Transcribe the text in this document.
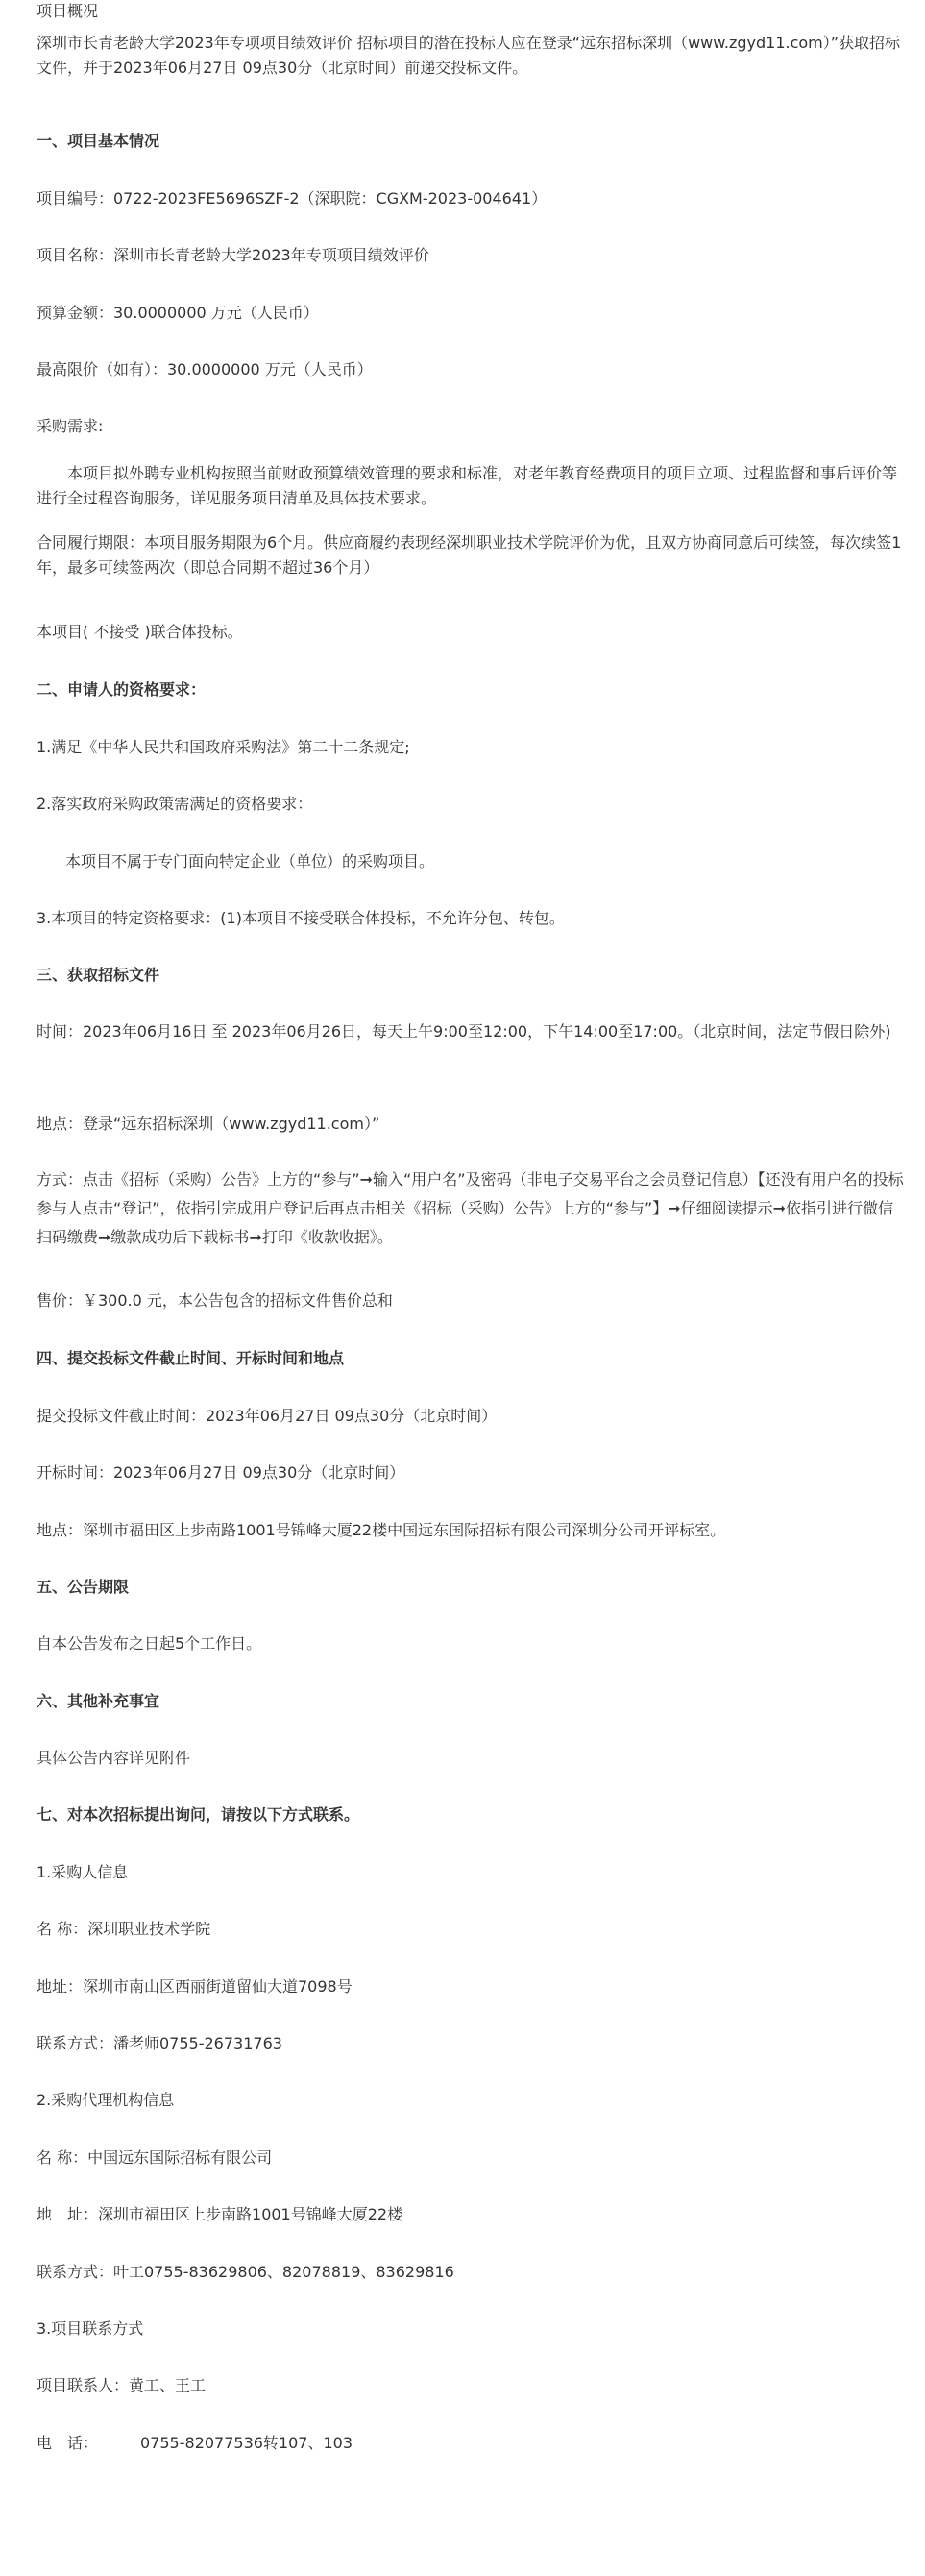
项目概况

深圳市长青老龄大学2023年专项项目绩效评价 招标项目的潜在投标人应在登录“远东招标深圳（www.zgyd11.com）”获取招标文件，并于2023年06月27日 09点30分（北京时间）前递交投标文件。

一、项目基本情况

项目编号：0722-2023FE5696SZF-2（深职院：CGXM-2023-004641）

项目名称：深圳市长青老龄大学2023年专项项目绩效评价

预算金额：30.0000000 万元（人民币）

最高限价（如有）：30.0000000 万元（人民币）

采购需求:

本项目拟外聘专业机构按照当前财政预算绩效管理的要求和标准，对老年教育经费项目的项目立项、过程监督和事后评价等进行全过程咨询服务，详见服务项目清单及具体技术要求。

合同履行期限：本项目服务期限为6个月。供应商履约表现经深圳职业技术学院评价为优，且双方协商同意后可续签，每次续签1年，最多可续签两次（即总合同期不超过36个月）

本项目( 不接受 )联合体投标。

二、申请人的资格要求：

1.满足《中华人民共和国政府采购法》第二十二条规定;

2.落实政府采购政策需满足的资格要求：

本项目不属于专门面向特定企业（单位）的采购项目。

3.本项目的特定资格要求：(1)本项目不接受联合体投标，不允许分包、转包。

三、获取招标文件

时间：2023年06月16日 至 2023年06月26日，每天上午9:00至12:00，下午14:00至17:00。（北京时间，法定节假日除外)

地点：登录“远东招标深圳（www.zgyd11.com）”

方式：点击《招标（采购）公告》上方的“参与”➞输入“用户名”及密码（非电子交易平台之会员登记信息）【还没有用户名的投标参与人点击“登记”，依指引完成用户登记后再点击相关《招标（采购）公告》上方的“参与”】➞仔细阅读提示➞依指引进行微信扫码缴费➞缴款成功后下载标书➞打印《收款收据》。

售价：￥300.0 元，本公告包含的招标文件售价总和

四、提交投标文件截止时间、开标时间和地点

提交投标文件截止时间：2023年06月27日 09点30分（北京时间）

开标时间：2023年06月27日 09点30分（北京时间）

地点：深圳市福田区上步南路1001号锦峰大厦22楼中国远东国际招标有限公司深圳分公司开评标室。

五、公告期限

自本公告发布之日起5个工作日。

六、其他补充事宜

具体公告内容详见附件

七、对本次招标提出询问，请按以下方式联系。

1.采购人信息

名 称：深圳职业技术学院

地址：深圳市南山区西丽街道留仙大道7098号

联系方式：潘老师0755-26731763

2.采购代理机构信息

名 称：中国远东国际招标有限公司

地　址：深圳市福田区上步南路1001号锦峰大厦22楼

联系方式：叶工0755-83629806、82078819、83629816

3.项目联系方式

项目联系人：黄工、王工

电　话：	0755-82077536转107、103
